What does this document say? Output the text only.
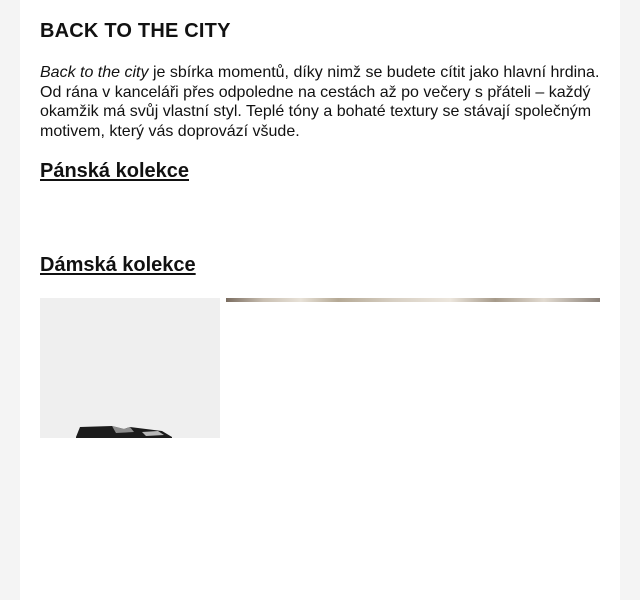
BACK TO THE CITY

Back to the city je sbírka momentů, díky nimž se budete cítit jako hlavní hrdina. Od rána v kanceláři přes odpoledne na cestách až po večery s přáteli – každý okamžik má svůj vlastní styl. Teplé tóny a bohaté textury se stávají společným motivem, který vás doprovází všude.

Pánská kolekce
Dámská kolekce
